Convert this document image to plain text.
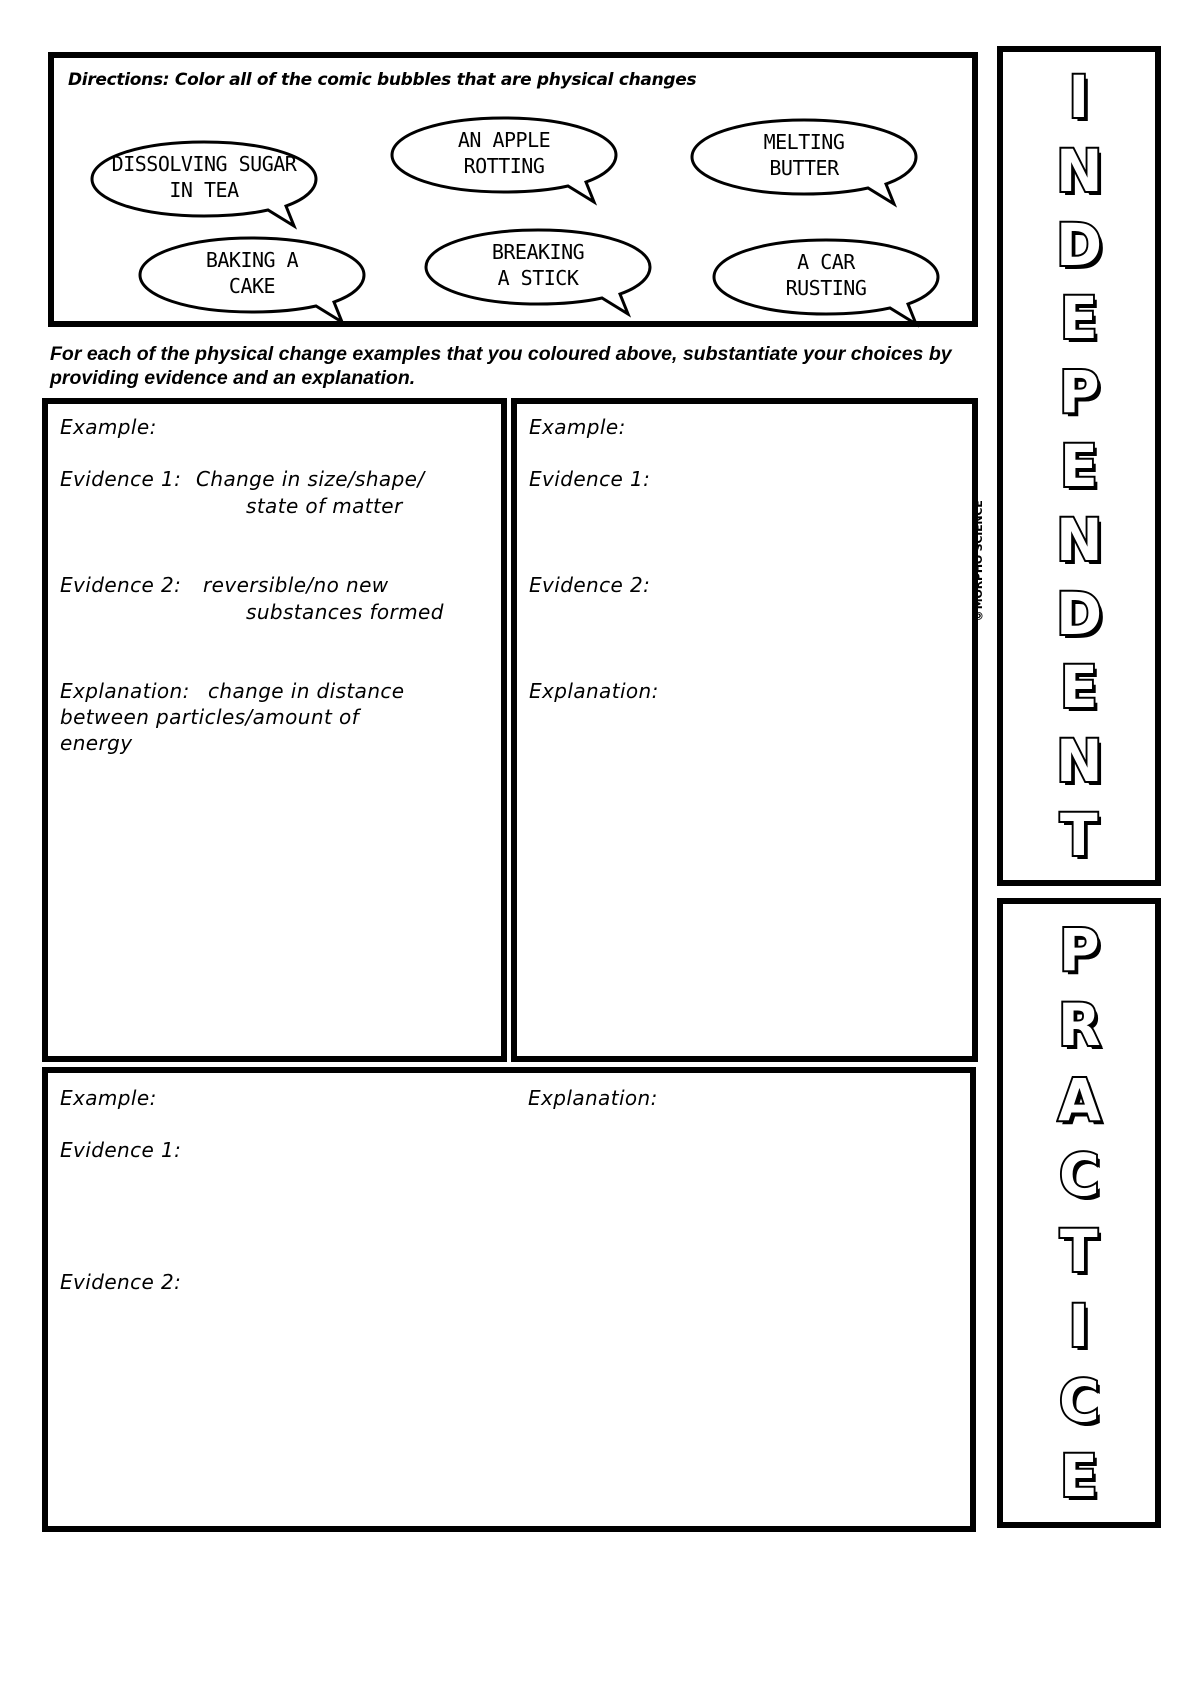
Directions: Color all of the comic bubbles that are physical changes
DISSOLVING SUGAR
IN TEA
AN APPLE
ROTTING
MELTING
BUTTER
BAKING A
CAKE
BREAKING
A STICK
A CAR
RUSTING
For each of the physical change examples that you coloured above, substantiate your choices by providing evidence and an explanation.
Example:
Evidence 1: Change in size/shape/
state of matter
Evidence 2: reversible/no new
substances formed
Explanation: change in distance
between particles/amount of
energy
Example:
Evidence 1:
Evidence 2:
Explanation:
Example:	Explanation:
Evidence 1:
Evidence 2:
©MORPHO SCIENCE
I
N
D
E
P
E
N
D
E
N
T
P
R
A
C
T
I
C
E
